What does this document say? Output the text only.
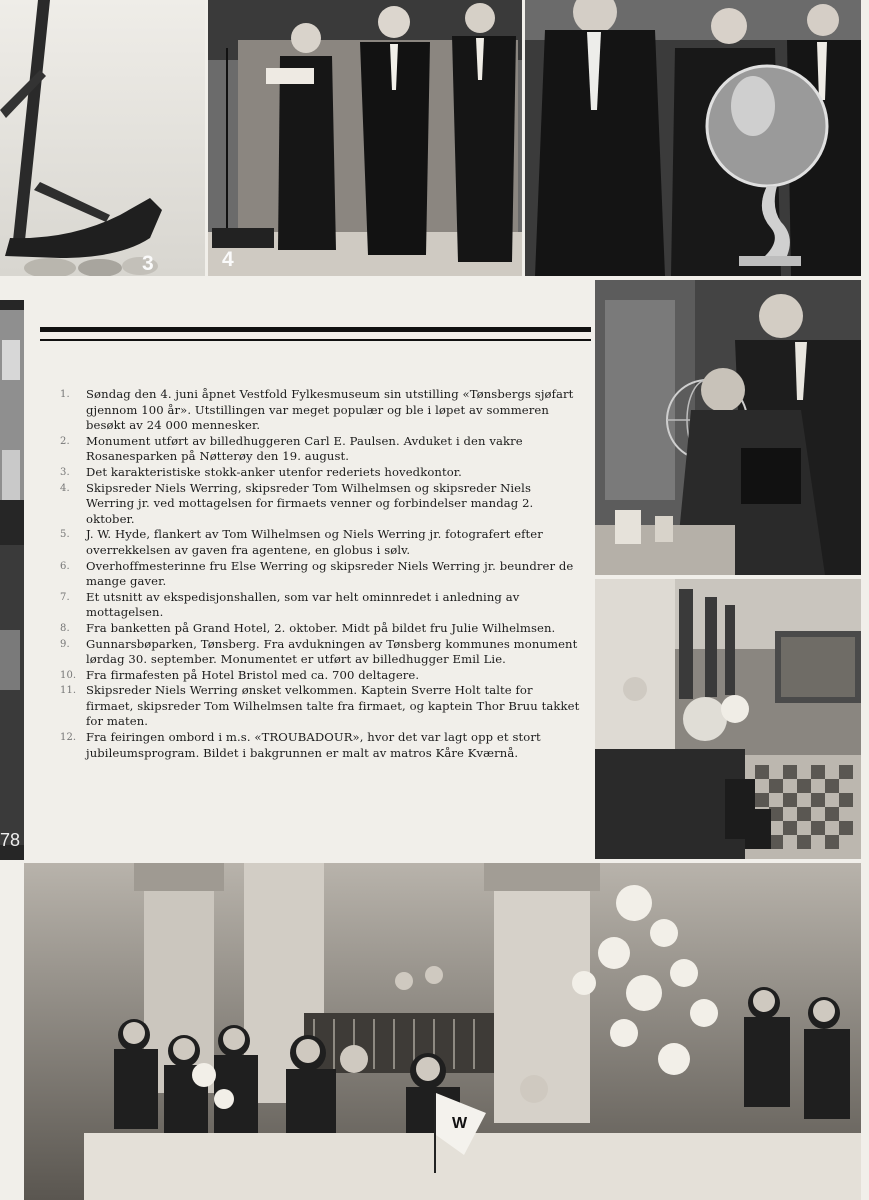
78
3	4
W
1. Søndag den 4. juni åpnet Vestfold Fylkesmuseum sin utstilling «Tønsbergs sjøfart gjennom 100 år». Utstillingen var meget populær og ble i løpet av sommeren besøkt av 24 000 mennesker.
2. Monument utført av billedhuggeren Carl E. Paulsen. Avduket i den vakre Rosanesparken på Nøtterøy den 19. august.
3. Det karakteristiske stokk-anker utenfor rederiets hovedkontor.
4. Skipsreder Niels Werring, skipsreder Tom Wilhelmsen og skipsreder Niels Werring jr. ved mottagelsen for firmaets venner og forbindelser mandag 2. oktober.
5. J. W. Hyde, flankert av Tom Wilhelmsen og Niels Werring jr. fotografert efter overrekkelsen av gaven fra agentene, en globus i sølv.
6. Overhoffmesterinne fru Else Werring og skipsreder Niels Werring jr. beundrer de mange gaver.
7. Et utsnitt av ekspedisjonshallen, som var helt ominnredet i anledning av mottagelsen.
8. Fra banketten på Grand Hotel, 2. oktober. Midt på bildet fru Julie Wilhelmsen.
9. Gunnarsbøparken, Tønsberg. Fra avdukningen av Tønsberg kommunes monument lørdag 30. september. Monumentet er utført av billedhugger Emil Lie.
10. Fra firmafesten på Hotel Bristol med ca. 700 deltagere.
11. Skipsreder Niels Werring ønsket velkommen. Kaptein Sverre Holt talte for firmaet, skipsreder Tom Wilhelmsen talte fra firmaet, og kaptein Thor Bruu takket for maten.
12. Fra feiringen ombord i m.s. «TROUBADOUR», hvor det var lagt opp et stort jubileumsprogram. Bildet i bakgrunnen er malt av matros Kåre Kværnå.
